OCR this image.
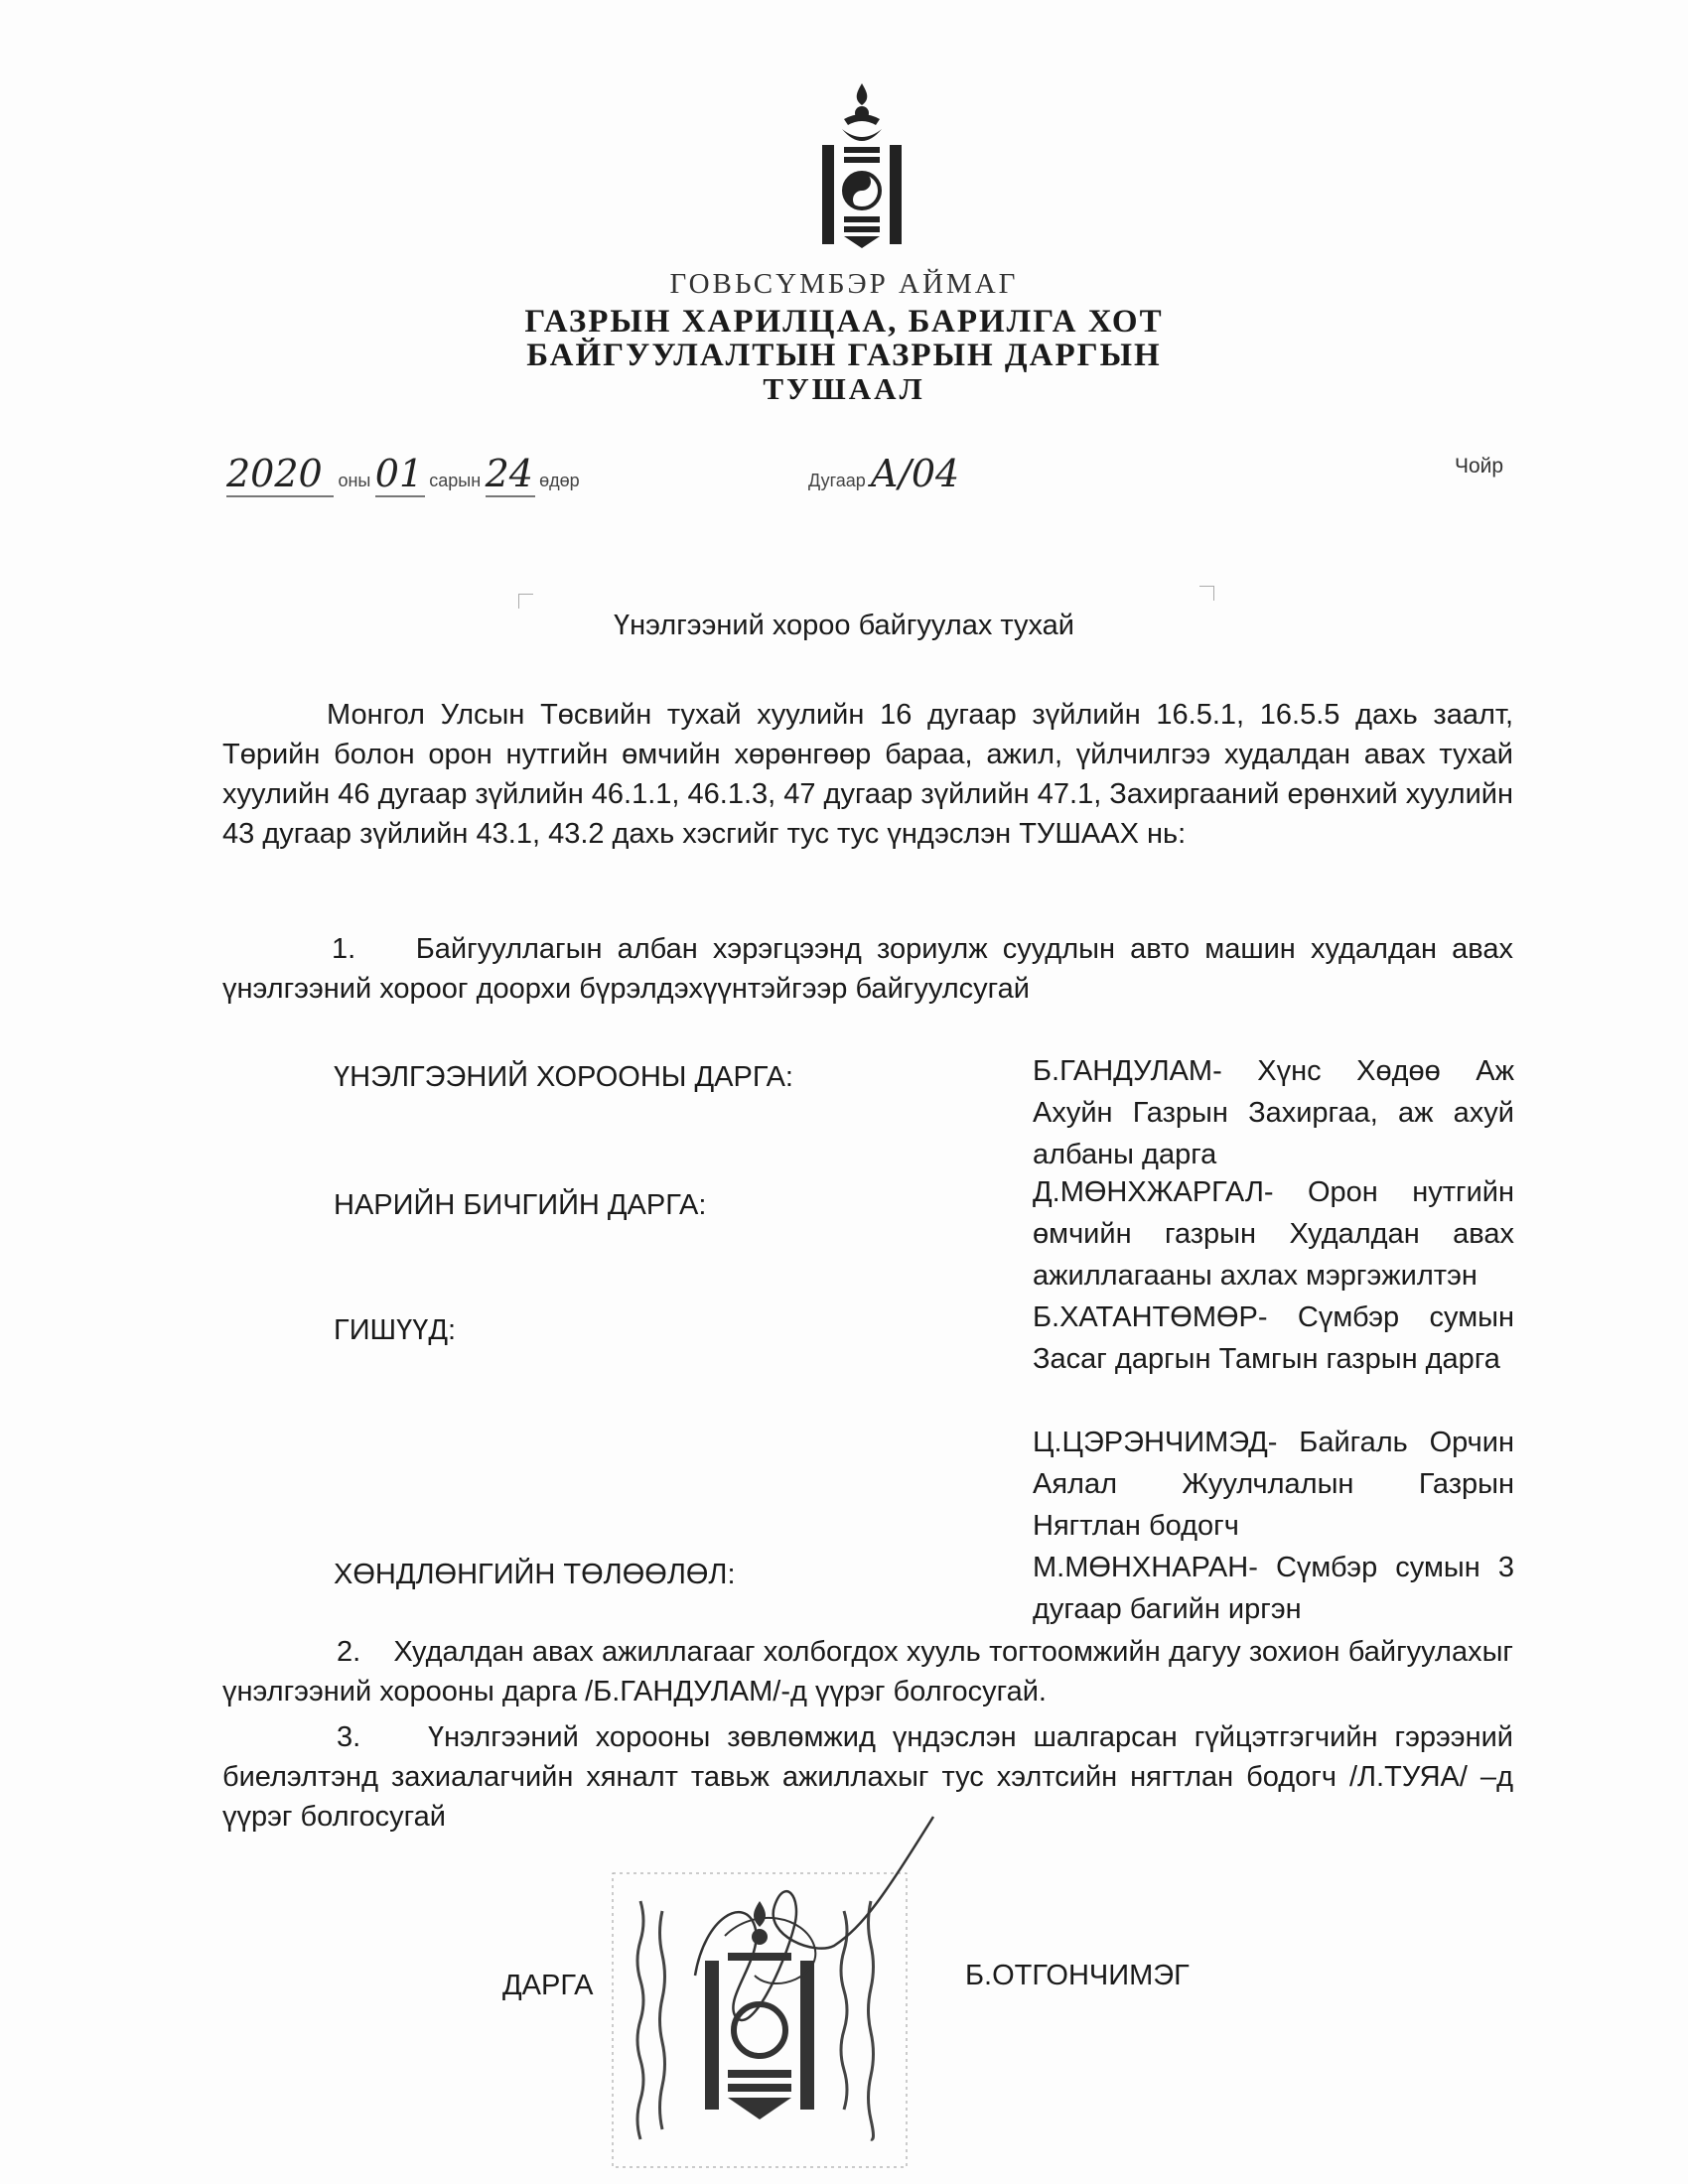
ГОВЬСҮМБЭР АЙМАГ
ГАЗРЫН ХАРИЛЦАА, БАРИЛГА ХОТ
БАЙГУУЛАЛТЫН ГАЗРЫН ДАРГЫН
ТУШААЛ
2020 оны 01 сарын 24 өдөр	Дугаар А/04	Чойр
Үнэлгээний хороо байгуулах тухай
Монгол Улсын Төсвийн тухай хуулийн 16 дугаар зүйлийн 16.5.1, 16.5.5 дахь заалт, Төрийн болон орон нутгийн өмчийн хөрөнгөөр бараа, ажил, үйлчилгээ худалдан авах тухай хуулийн 46 дугаар зүйлийн 46.1.1, 46.1.3, 47 дугаар зүйлийн 47.1, Захиргааний ерөнхий хуулийн 43 дугаар зүйлийн 43.1, 43.2 дахь хэсгийг тус тус үндэслэн ТУШААХ нь:
1. Байгууллагын албан хэрэгцээнд зориулж суудлын авто машин худалдан авах үнэлгээний хороог доорхи бүрэлдэхүүнтэйгээр байгуулсугай
ҮНЭЛГЭЭНИЙ ХОРООНЫ ДАРГА:	Б.ГАНДУЛАМ- Хүнс Хөдөө Аж Ахуйн Газрын Захиргаа, аж ахуй албаны дарга
НАРИЙН БИЧГИЙН ДАРГА:	Д.МӨНХЖАРГАЛ- Орон нутгийн өмчийн газрын Худалдан авах ажиллагааны ахлах мэргэжилтэн
ГИШҮҮД:	Б.ХАТАНТӨМӨР- Сүмбэр сумын Засаг даргын Тамгын газрын дарга
Ц.ЦЭРЭНЧИМЭД- Байгаль Орчин Аялал Жуулчлалын Газрын Нягтлан бодогч
ХӨНДЛӨНГИЙН ТӨЛӨӨЛӨЛ:	М.МӨНХНАРАН- Сүмбэр сумын 3 дугаар багийн иргэн
2. Худалдан авах ажиллагааг холбогдох хууль тогтоомжийн дагуу зохион байгуулахыг үнэлгээний хорооны дарга /Б.ГАНДУЛАМ/-д үүрэг болгосугай.
3. Үнэлгээний хорооны зөвлөмжид үндэслэн шалгарсан гүйцэтгэгчийн гэрээний биелэлтэнд захиалагчийн хяналт тавьж ажиллахыг тус хэлтсийн нягтлан бодогч /Л.ТУЯА/ –д үүрэг болгосугай
ДАРГА	Б.ОТГОНЧИМЭГ
